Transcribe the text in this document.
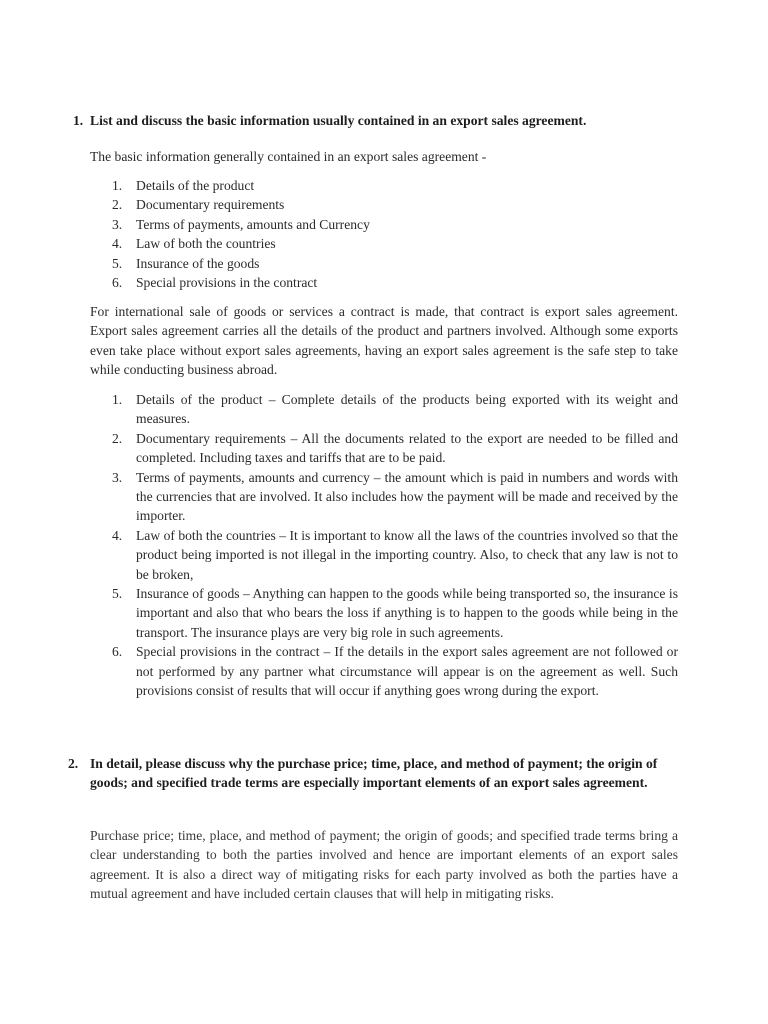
1. List and discuss the basic information usually contained in an export sales agreement.
The basic information generally contained in an export sales agreement -
1. Details of the product
2. Documentary requirements
3. Terms of payments, amounts and Currency
4. Law of both the countries
5. Insurance of the goods
6. Special provisions in the contract
For international sale of goods or services a contract is made, that contract is export sales agreement. Export sales agreement carries all the details of the product and partners involved. Although some exports even take place without export sales agreements, having an export sales agreement is the safe step to take while conducting business abroad.
1. Details of the product – Complete details of the products being exported with its weight and measures.
2. Documentary requirements – All the documents related to the export are needed to be filled and completed. Including taxes and tariffs that are to be paid.
3. Terms of payments, amounts and currency – the amount which is paid in numbers and words with the currencies that are involved. It also includes how the payment will be made and received by the importer.
4. Law of both the countries – It is important to know all the laws of the countries involved so that the product being imported is not illegal in the importing country. Also, to check that any law is not to be broken,
5. Insurance of goods – Anything can happen to the goods while being transported so, the insurance is important and also that who bears the loss if anything is to happen to the goods while being in the transport. The insurance plays are very big role in such agreements.
6. Special provisions in the contract – If the details in the export sales agreement are not followed or not performed by any partner what circumstance will appear is on the agreement as well. Such provisions consist of results that will occur if anything goes wrong during the export.
2. In detail, please discuss why the purchase price; time, place, and method of payment; the origin of goods; and specified trade terms are especially important elements of an export sales agreement.
Purchase price; time, place, and method of payment; the origin of goods; and specified trade terms bring a clear understanding to both the parties involved and hence are important elements of an export sales agreement. It is also a direct way of mitigating risks for each party involved as both the parties have a mutual agreement and have included certain clauses that will help in mitigating risks.
